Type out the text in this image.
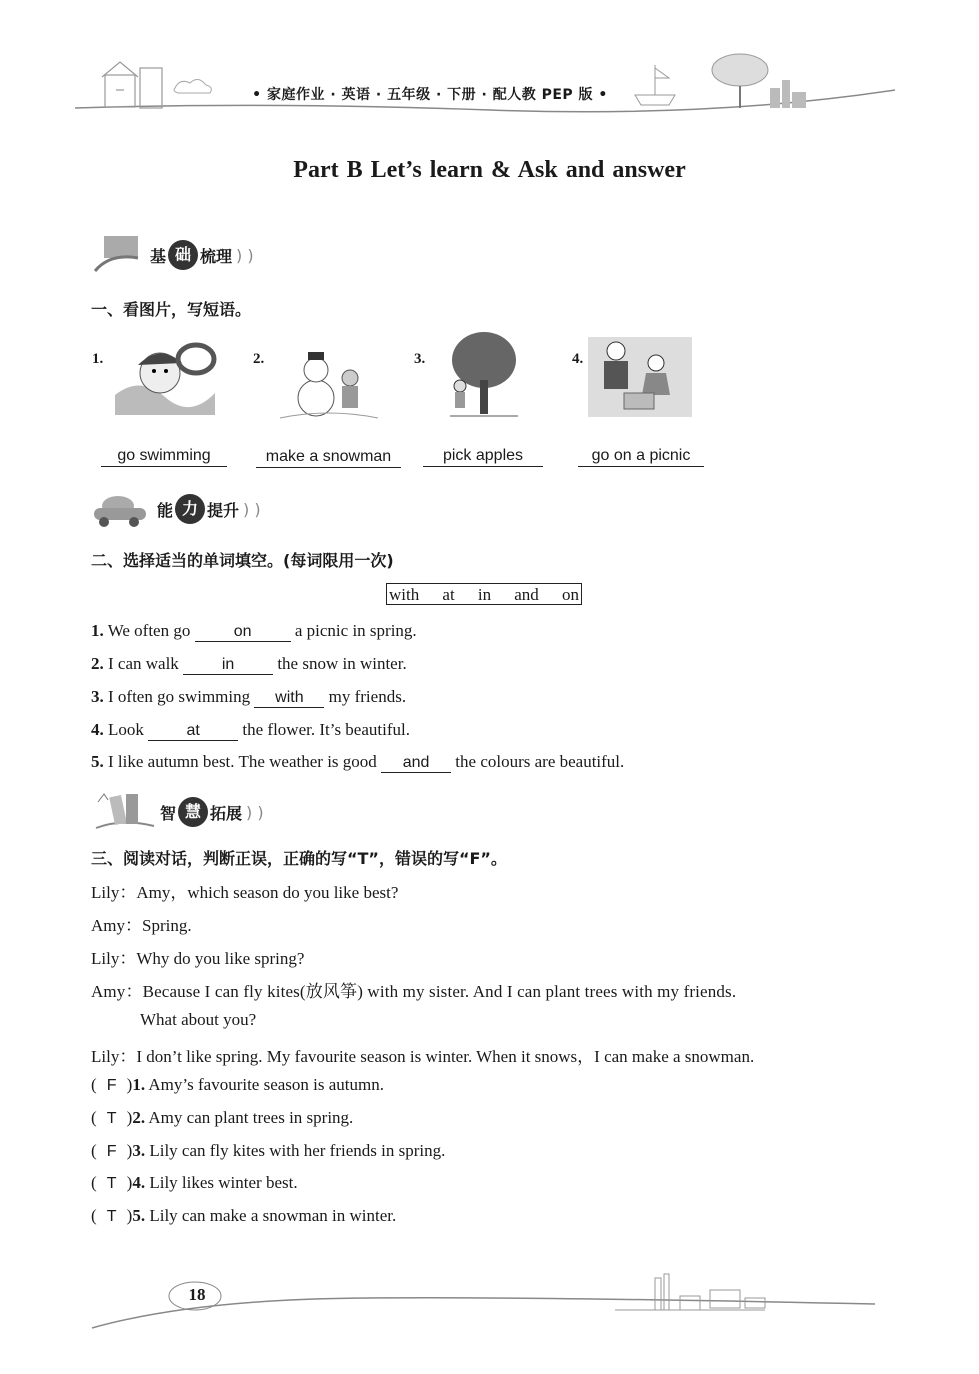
• 家庭作业 · 英语 · 五年级 · 下册 · 配人教 PEP 版 •
Part B Let’s learn & Ask and answer
基 础 梳理 ) )
一、看图片，写短语。
1.	2.	3.	4.
go swimming	make a snowman	pick apples	go on a picnic
能 力 提升 ) )
二、选择适当的单词填空。(每词限用一次)
with at in and on
1. We often go on a picnic in spring.
2. I can walk in the snow in winter.
3. I often go swimming with my friends.
4. Look at the flower. It’s beautiful.
5. I like autumn best. The weather is good and the colours are beautiful.
智 慧 拓展 ) )
三、阅读对话，判断正误，正确的写“T”，错误的写“F”。
Lily：Amy，which season do you like best?
Amy：Spring.
Lily：Why do you like spring?
Amy：Because I can fly kites(放风筝) with my sister. And I can plant trees with my friends.
What about you?
Lily：I don’t like spring. My favourite season is winter. When it snows，I can make a snowman.
( F )1. Amy’s favourite season is autumn.
( T )2. Amy can plant trees in spring.
( F )3. Lily can fly kites with her friends in spring.
( T )4. Lily likes winter best.
( T )5. Lily can make a snowman in winter.
18
